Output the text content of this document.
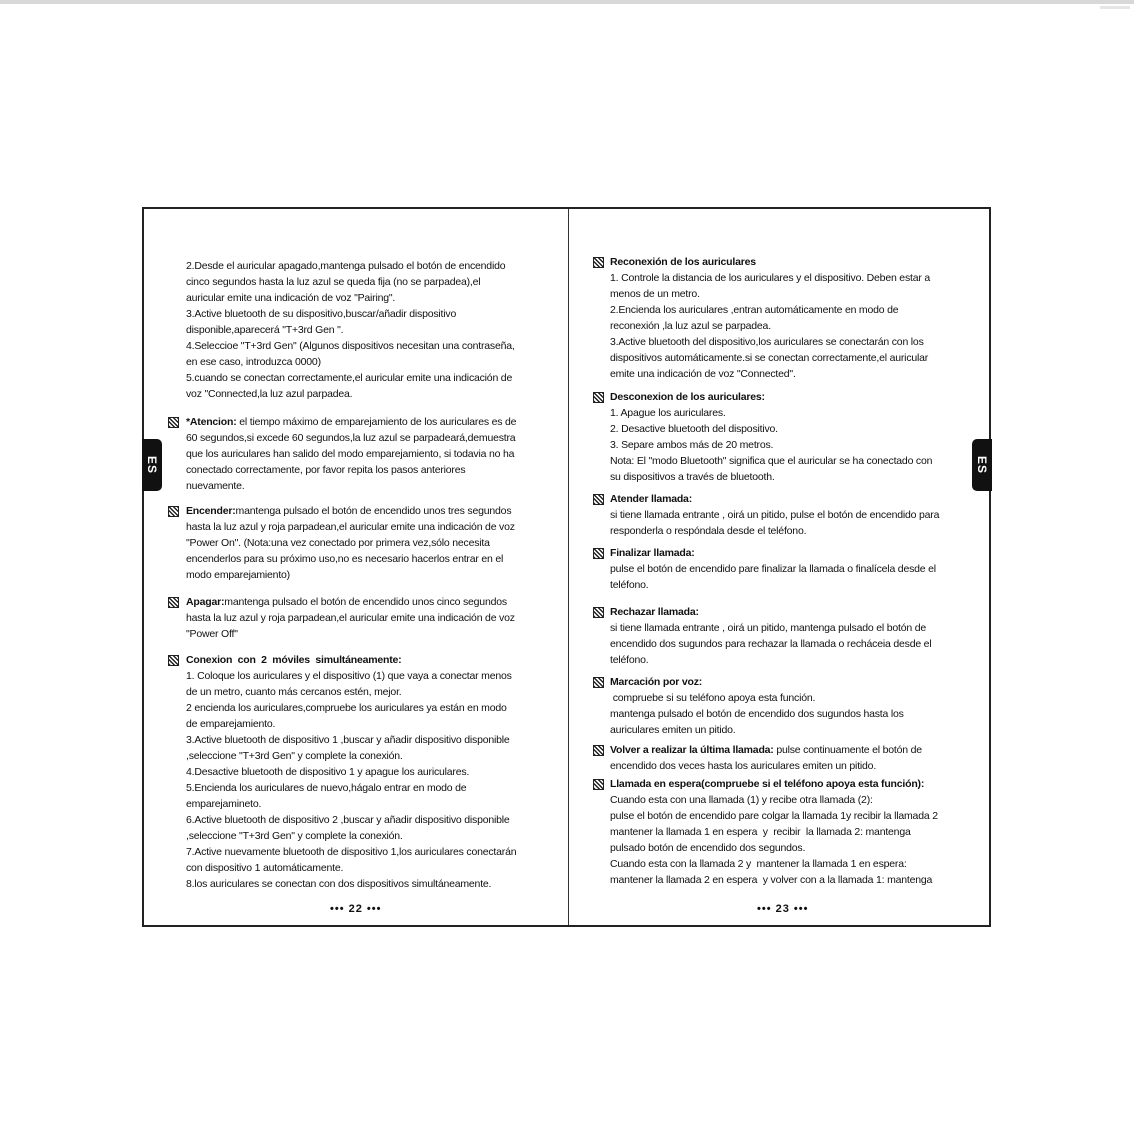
ES
2.Desde el auricular apagado,mantenga pulsado el botón de encendido
cinco segundos hasta la luz azul se queda fija (no se parpadea),el
auricular emite una indicación de voz "Pairing".
3.Active bluetooth de su dispositivo,buscar/añadir dispositivo
disponible,aparecerá "T+3rd Gen ".
4.Seleccioe "T+3rd Gen" (Algunos dispositivos necesitan una contraseña,
en ese caso, introduzca 0000)
5.cuando se conectan correctamente,el auricular emite una indicación de
voz "Connected,la luz azul parpadea.
*Atencion: el tiempo máximo de emparejamiento de los auriculares es de
60 segundos,si excede 60 segundos,la luz azul se parpadeará,demuestra
que los auriculares han salido del modo emparejamiento, si todavia no ha
conectado correctamente, por favor repita los pasos anteriores
nuevamente.
Encender:mantenga pulsado el botón de encendido unos tres segundos
hasta la luz azul y roja parpadean,el auricular emite una indicación de voz
"Power On". (Nota:una vez conectado por primera vez,sólo necesita
encenderlos para su próximo uso,no es necesario hacerlos entrar en el
modo emparejamiento)
Apagar:mantenga pulsado el botón de encendido unos cinco segundos
hasta la luz azul y roja parpadean,el auricular emite una indicación de voz
"Power Off"
Conexion  con  2  móviles  simultáneamente:
1. Coloque los auriculares y el dispositivo (1) que vaya a conectar menos
de un metro, cuanto más cercanos estén, mejor.
2 encienda los auriculares,compruebe los auriculares ya están en modo
de emparejamiento.
3.Active bluetooth de dispositivo 1 ,buscar y añadir dispositivo disponible
,seleccione "T+3rd Gen" y complete la conexión.
4.Desactive bluetooth de dispositivo 1 y apague los auriculares.
5.Encienda los auriculares de nuevo,hágalo entrar en modo de
emparejamineto.
6.Active bluetooth de dispositivo 2 ,buscar y añadir dispositivo disponible
,seleccione "T+3rd Gen" y complete la conexión.
7.Active nuevamente bluetooth de dispositivo 1,los auriculares conectarán
con dispositivo 1 automáticamente.
8.los auriculares se conectan con dos dispositivos simultáneamente.
••• 22 •••
ES
Reconexión de los auriculares
1. Controle la distancia de los auriculares y el dispositivo. Deben estar a
menos de un metro.
2.Encienda los auriculares ,entran automáticamente en modo de
reconexión ,la luz azul se parpadea.
3.Active bluetooth del dispositivo,los auriculares se conectarán con los
dispositivos automáticamente.si se conectan correctamente,el auricular
emite una indicación de voz "Connected".
Desconexion de los auriculares:
1. Apague los auriculares.
2. Desactive bluetooth del dispositivo.
3. Separe ambos más de 20 metros.
Nota: El "modo Bluetooth" significa que el auricular se ha conectado con
su dispositivos a través de bluetooth.
Atender llamada:
si tiene llamada entrante , oirá un pitido, pulse el botón de encendido para
responderla o respóndala desde el teléfono.
Finalizar llamada:
pulse el botón de encendido pare finalizar la llamada o finalícela desde el
teléfono.
Rechazar llamada:
si tiene llamada entrante , oirá un pitido, mantenga pulsado el botón de
encendido dos sugundos para rechazar la llamada o recháceia desde el
teléfono.
Marcación por voz:
compruebe si su teléfono apoya esta función.
mantenga pulsado el botón de encendido dos sugundos hasta los
auriculares emiten un pitido.
Volver a realizar la última llamada: pulse continuamente el botón de
encendido dos veces hasta los auriculares emiten un pitido.
Llamada en espera(compruebe si el teléfono apoya esta función):
Cuando esta con una llamada (1) y recibe otra llamada (2):
pulse el botón de encendido pare colgar la llamada 1y recibir la llamada 2
mantener la llamada 1 en espera  y  recibir  la llamada 2: mantenga
pulsado botón de encendido dos segundos.
Cuando esta con la llamada 2 y  mantener la llamada 1 en espera:
mantener la llamada 2 en espera  y volver con a la llamada 1: mantenga
••• 23 •••
